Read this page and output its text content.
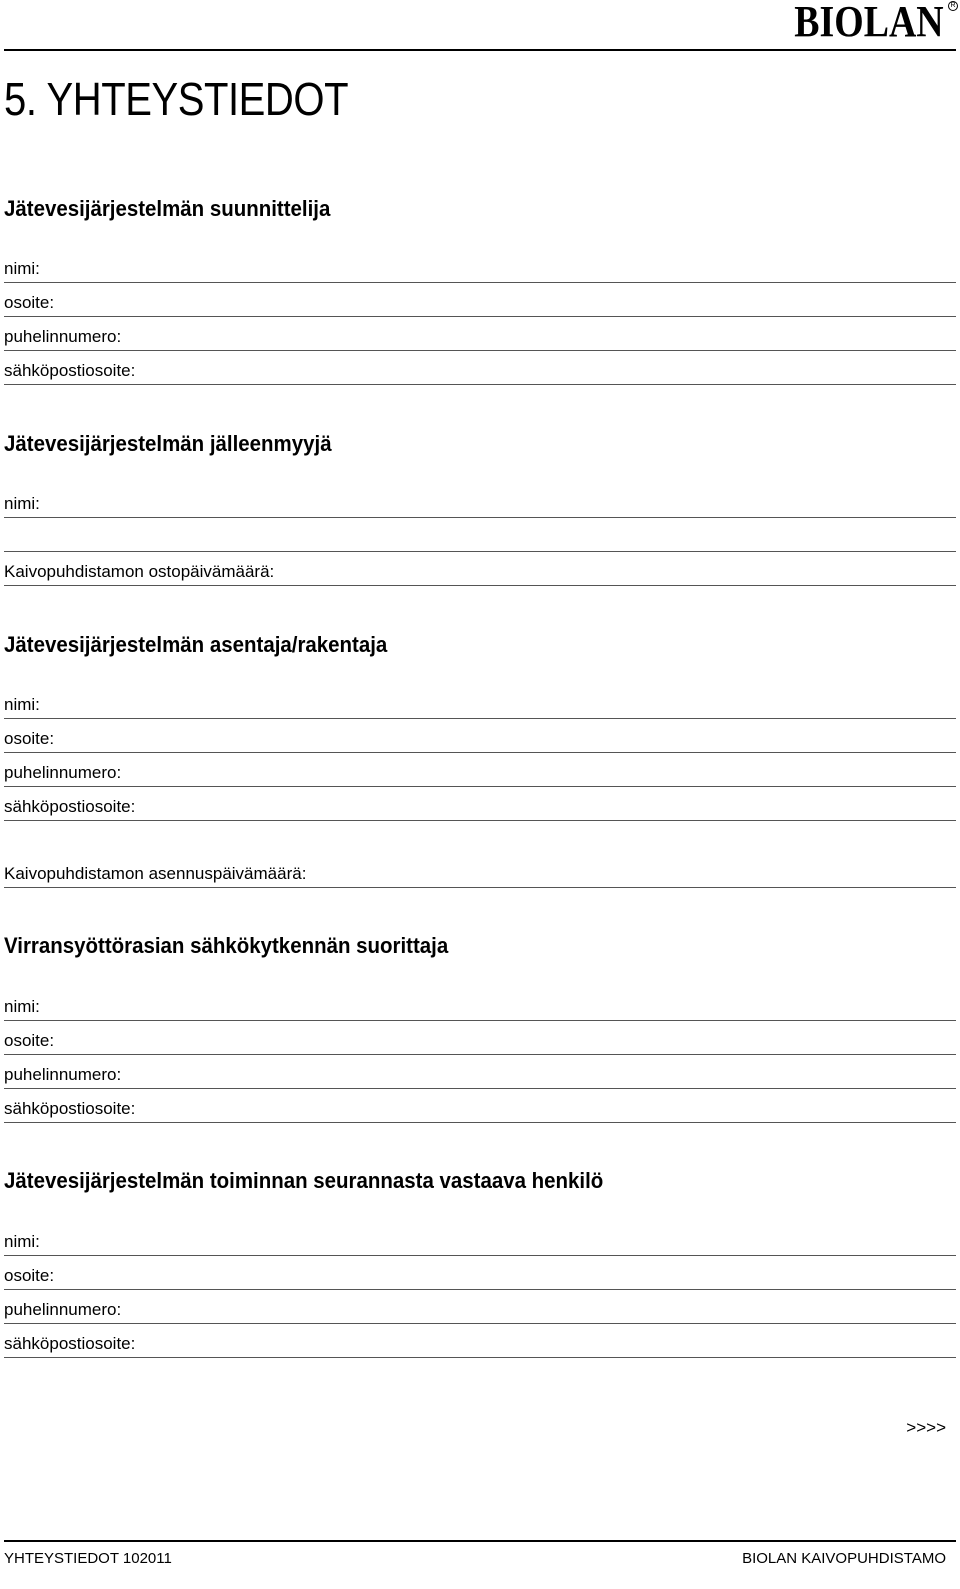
BIOLAN R
5. YHTEYSTIEDOT
Jätevesijärjestelmän suunnittelija
nimi:
osoite:
puhelinnumero:
sähköpostiosoite:
Jätevesijärjestelmän jälleenmyyjä
nimi:
Kaivopuhdistamon ostopäivämäärä:
Jätevesijärjestelmän asentaja/rakentaja
nimi:
osoite:
puhelinnumero:
sähköpostiosoite:
Kaivopuhdistamon asennuspäivämäärä:
Virransyöttörasian sähkökytkennän suorittaja
nimi:
osoite:
puhelinnumero:
sähköpostiosoite:
Jätevesijärjestelmän toiminnan seurannasta vastaava henkilö
nimi:
osoite:
puhelinnumero:
sähköpostiosoite:
>>>>
YHTEYSTIEDOT 102011	BIOLAN KAIVOPUHDISTAMO
